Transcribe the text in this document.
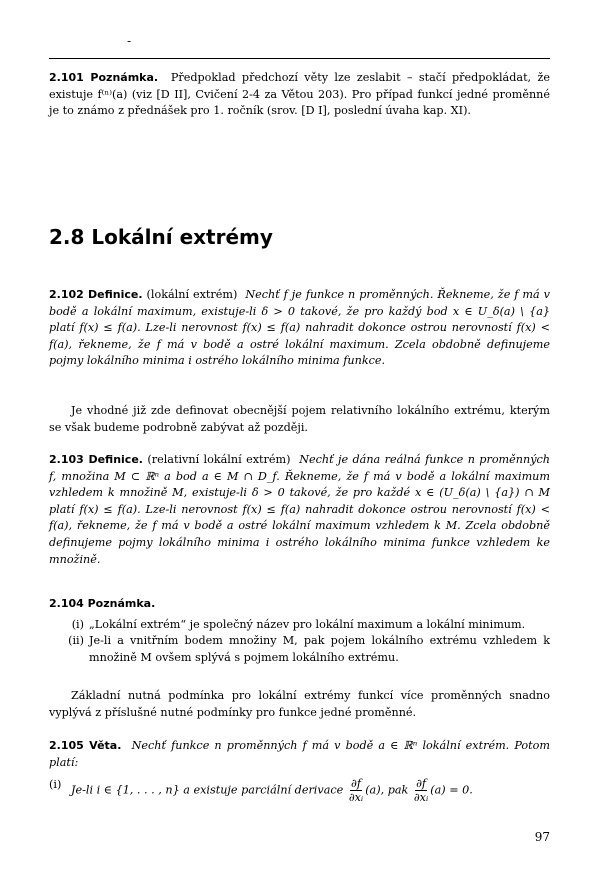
-

2.101 Poznámka. Předpoklad předchozí věty lze zeslabit – stačí předpokládat, že existuje f⁽ⁿ⁾(a) (viz [D II], Cvičení 2-4 za Větou 203). Pro případ funkcí jedné proměnné je to známo z přednášek pro 1. ročník (srov. [D I], poslední úvaha kap. XI).

2.8 Lokální extrémy

2.102 Definice. (lokální extrém) Nechť f je funkce n proměnných. Řekneme, že f má v bodě a lokální maximum, existuje-li δ > 0 takové, že pro každý bod x ∈ U_δ(a) \ {a} platí f(x) ≤ f(a). Lze-li nerovnost f(x) ≤ f(a) nahradit dokonce ostrou nerovností f(x) < f(a), řekneme, že f má v bodě a ostré lokální maximum. Zcela obdobně definujeme pojmy lokálního minima i ostrého lokálního minima funkce.

Je vhodné již zde definovat obecnější pojem relativního lokálního extrému, kterým se však budeme podrobně zabývat až později.

2.103 Definice. (relativní lokální extrém) Nechť je dána reálná funkce n proměnných f, množina M ⊂ ℝⁿ a bod a ∈ M ∩ D_f. Řekneme, že f má v bodě a lokální maximum vzhledem k množině M, existuje-li δ > 0 takové, že pro každé x ∈ (U_δ(a) \ {a}) ∩ M platí f(x) ≤ f(a). Lze-li nerovnost f(x) ≤ f(a) nahradit dokonce ostrou nerovností f(x) < f(a), řekneme, že f má v bodě a ostré lokální maximum vzhledem k M. Zcela obdobně definujeme pojmy lokálního minima i ostrého lokálního minima funkce vzhledem ke množině.

2.104 Poznámka.

(i) „Lokální extrém“ je společný název pro lokální maximum a lokální minimum.
(ii) Je-li a vnitřním bodem množiny M, pak pojem lokálního extrému vzhledem k množině M ovšem splývá s pojmem lokálního extrému.

Základní nutná podmínka pro lokální extrémy funkcí více proměnných snadno vyplývá z příslušné nutné podmínky pro funkce jedné proměnné.

2.105 Věta. Nechť funkce n proměnných f má v bodě a ∈ ℝⁿ lokální extrém. Potom platí:

(i) Je-li i ∈ {1, . . . , n} a existuje parciální derivace $\frac{\partial f}{\text{∂xᵢ}} (a)$, pak $\frac{\partial f}{\text{∂xᵢ}} (a) = 0$.
97
